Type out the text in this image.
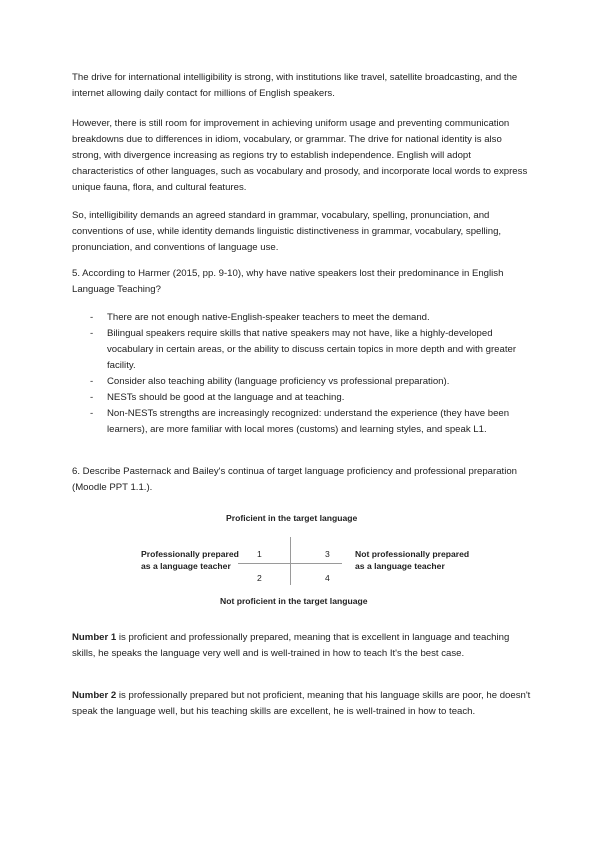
The drive for international intelligibility is strong, with institutions like travel, satellite broadcasting, and the internet allowing daily contact for millions of English speakers.

However, there is still room for improvement in achieving uniform usage and preventing communication breakdowns due to differences in idiom, vocabulary, or grammar. The drive for national identity is also strong, with divergence increasing as regions try to establish independence. English will adopt characteristics of other languages, such as vocabulary and prosody, and incorporate local words to express unique fauna, flora, and cultural features.

So, intelligibility demands an agreed standard in grammar, vocabulary, spelling, pronunciation, and conventions of use, while identity demands linguistic distinctiveness in grammar, vocabulary, spelling, pronunciation, and conventions of language use.

5. According to Harmer (2015, pp. 9-10), why have native speakers lost their predominance in English Language Teaching?

- There are not enough native-English-speaker teachers to meet the demand.
- Bilingual speakers require skills that native speakers may not have, like a highly-developed vocabulary in certain areas, or the ability to discuss certain topics in more depth and with greater facility.
- Consider also teaching ability (language proficiency vs professional preparation).
- NESTs should be good at the language and at teaching.
- Non-NESTs strengths are increasingly recognized: understand the experience (they have been learners), are more familiar with local mores (customs) and learning styles, and speak L1.

6. Describe Pasternack and Bailey's continua of target language proficiency and professional preparation (Moodle PPT 1.1.).

Proficient in the target language
Professionally prepared
as a language teacher
Not professionally prepared
as a language teacher
1	3
2	4
Not proficient in the target language

Number 1 is proficient and professionally prepared, meaning that is excellent in language and teaching skills, he speaks the language very well and is well-trained in how to teach It's the best case.

Number 2 is professionally prepared but not proficient, meaning that his language skills are poor, he doesn't speak the language well, but his teaching skills are excellent, he is well-trained in how to teach.
